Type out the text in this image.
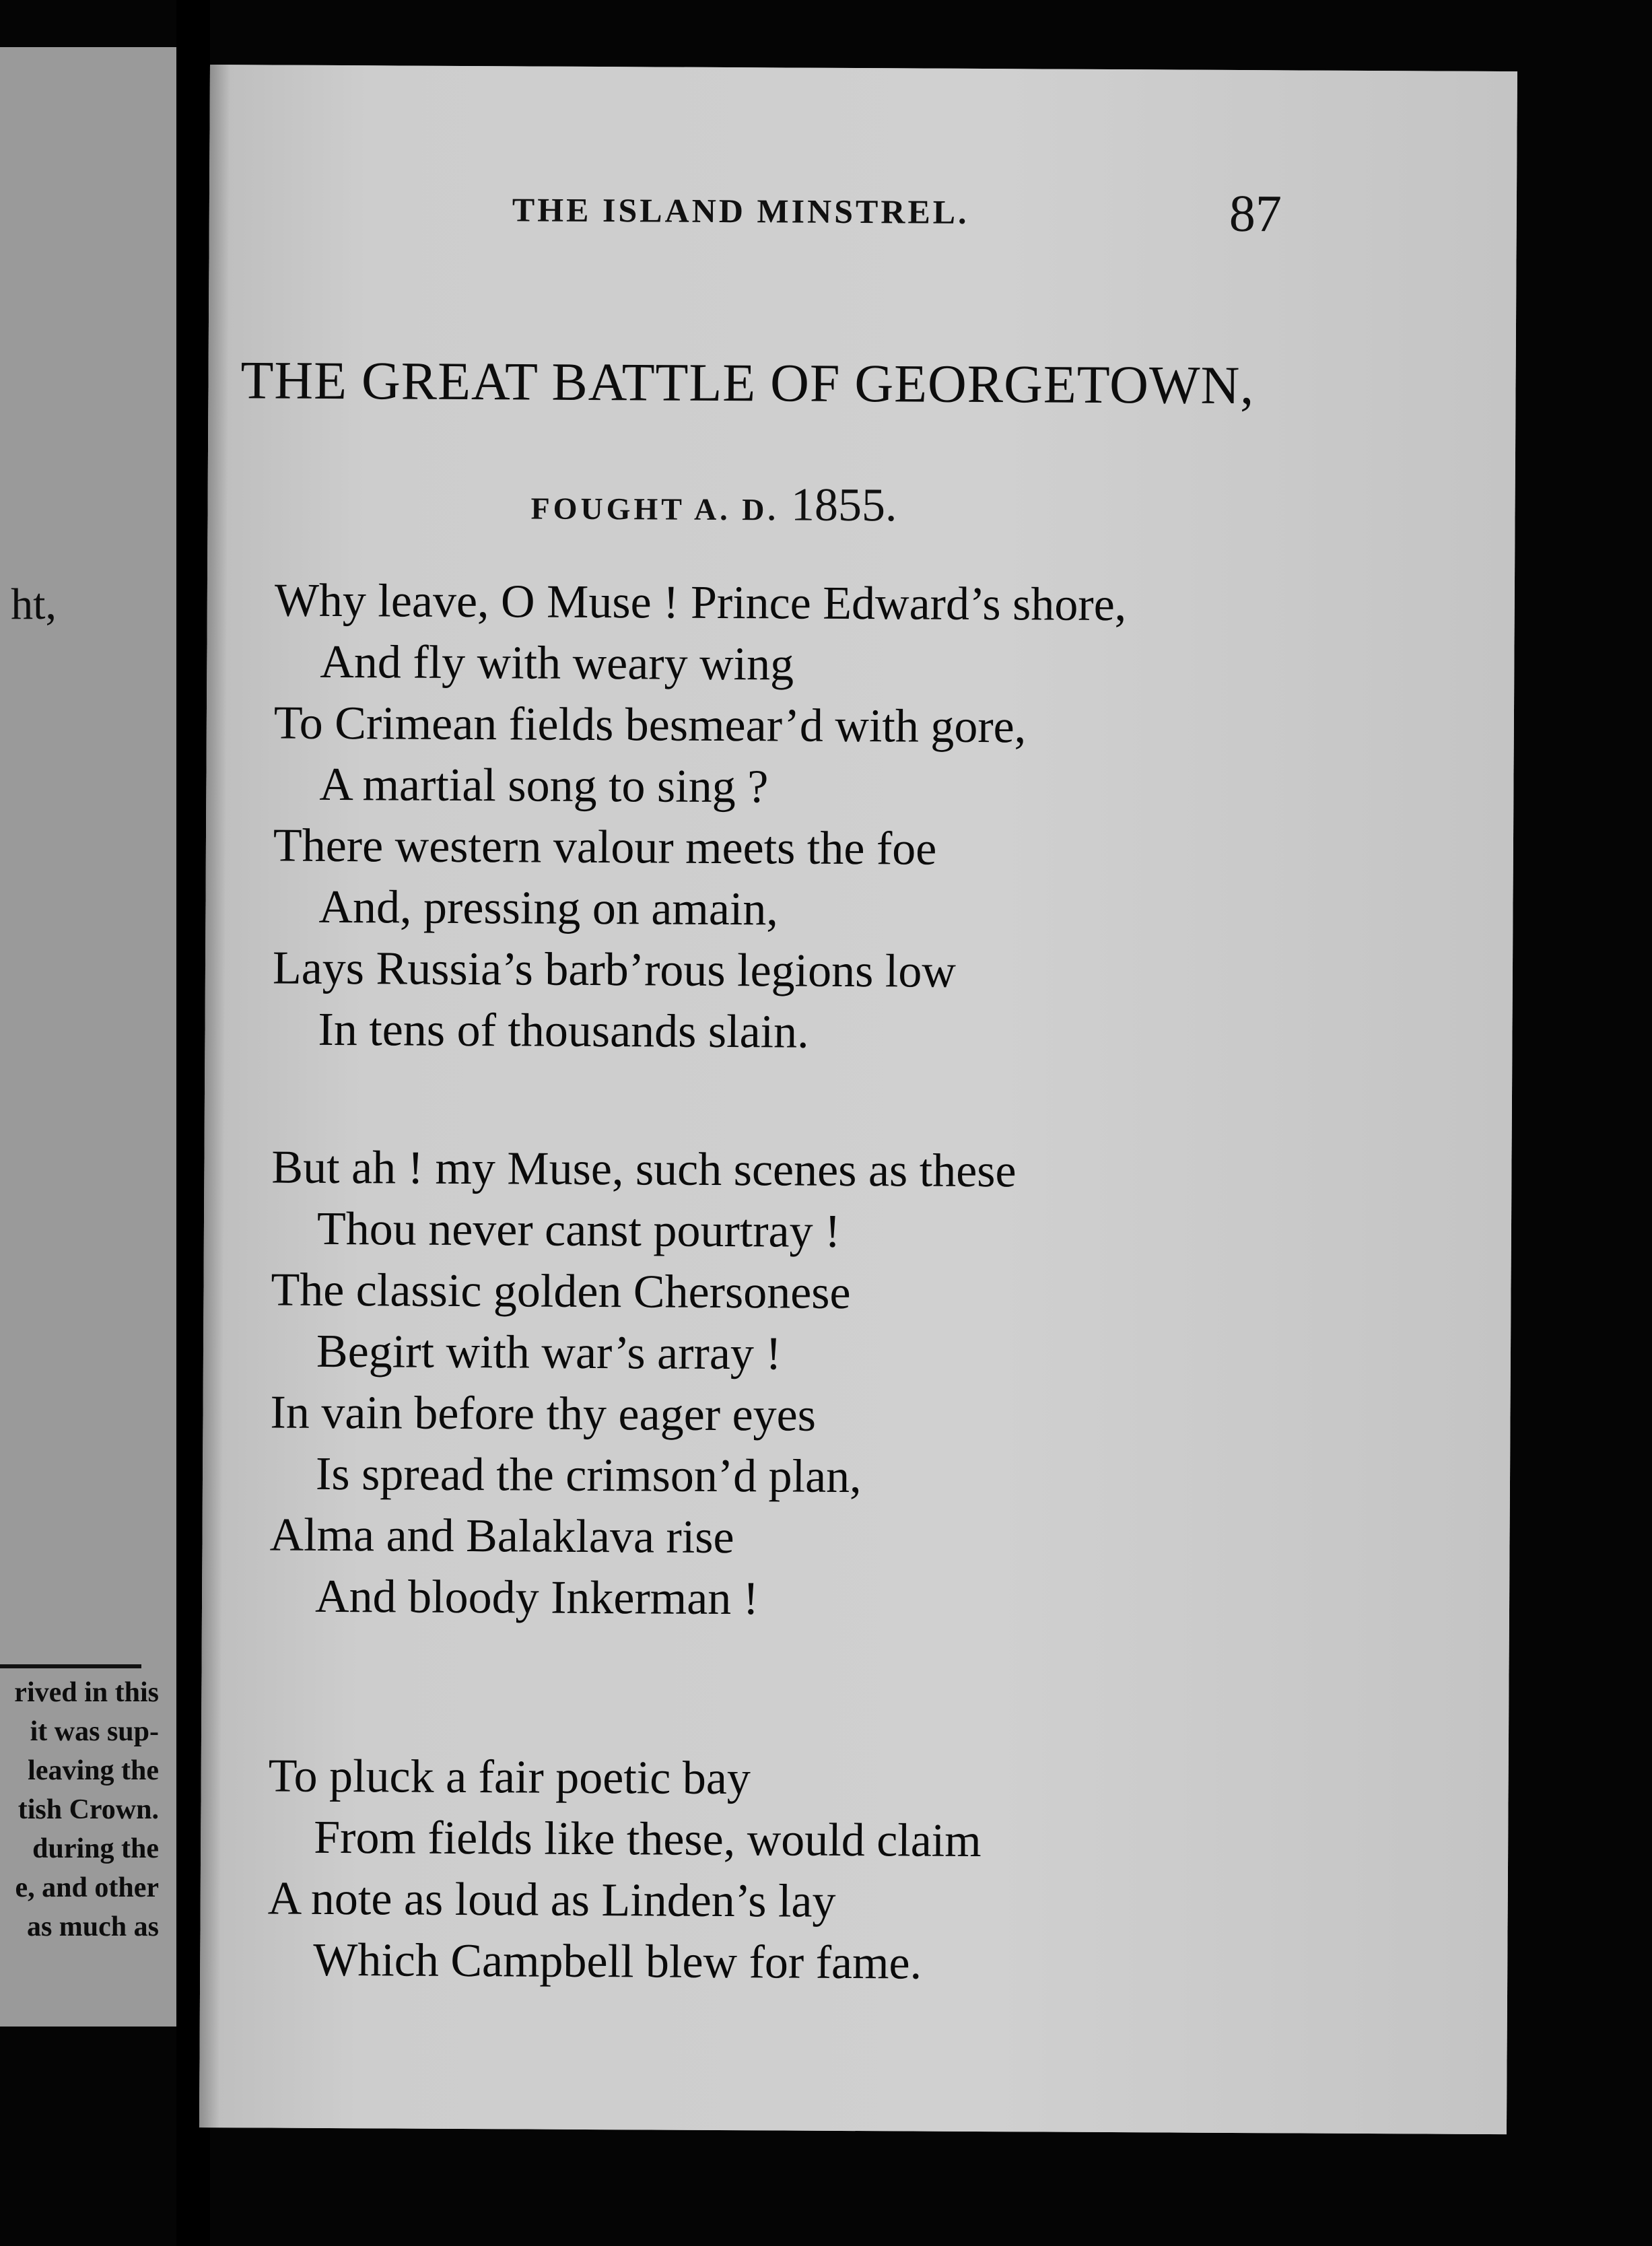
ht,
rived in this
it was sup-
leaving the
tish Crown.
during the
e, and other
as much as
THE ISLAND MINSTREL.	87
THE GREAT BATTLE OF GEORGETOWN,
FOUGHT A. D. 1855.
Why leave, O Muse ! Prince Edward’s shore,
And fly with weary wing
To Crimean fields besmear’d with gore,
A martial song to sing ?
There western valour meets the foe
And, pressing on amain,
Lays Russia’s barb’rous legions low
In tens of thousands slain.
But ah ! my Muse, such scenes as these
Thou never canst pourtray !
The classic golden Chersonese
Begirt with war’s array !
In vain before thy eager eyes
Is spread the crimson’d plan,
Alma and Balaklava rise
And bloody Inkerman !
To pluck a fair poetic bay
From fields like these, would claim
A note as loud as Linden’s lay
Which Campbell blew for fame.
